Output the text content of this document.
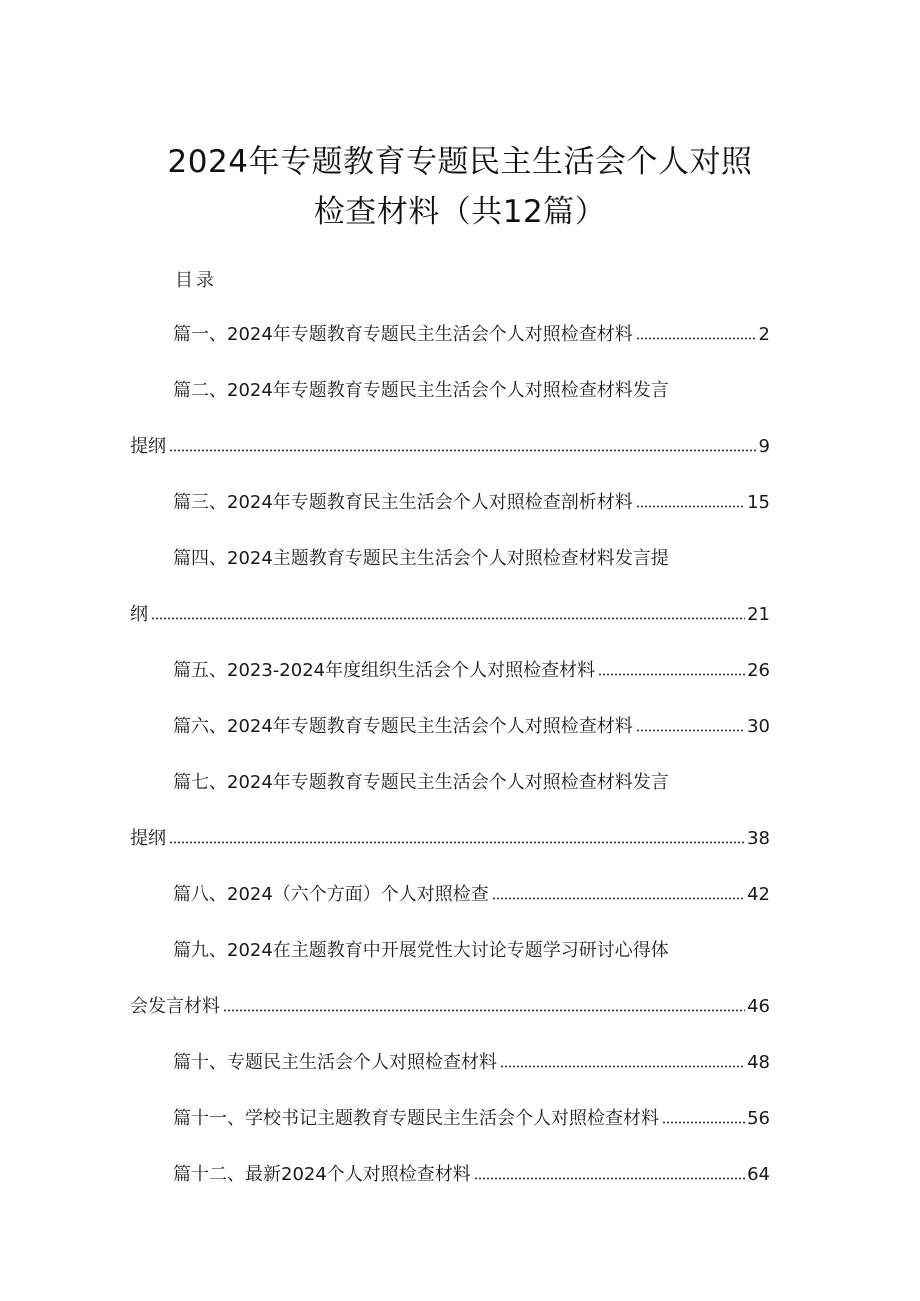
2024年专题教育专题民主生活会个人对照
检查材料（共12篇）
目录
篇一、2024年专题教育专题民主生活会个人对照检查材料	2
篇二、2024年专题教育专题民主生活会个人对照检查材料发言
提纲	9
篇三、2024年专题教育民主生活会个人对照检查剖析材料	15
篇四、2024主题教育专题民主生活会个人对照检查材料发言提
纲	21
篇五、2023-2024年度组织生活会个人对照检查材料	26
篇六、2024年专题教育专题民主生活会个人对照检查材料	30
篇七、2024年专题教育专题民主生活会个人对照检查材料发言
提纲	38
篇八、2024（六个方面）个人对照检查	42
篇九、2024在主题教育中开展党性大讨论专题学习研讨心得体
会发言材料	46
篇十、专题民主生活会个人对照检查材料	48
篇十一、学校书记主题教育专题民主生活会个人对照检查材料	56
篇十二、最新2024个人对照检查材料	64
